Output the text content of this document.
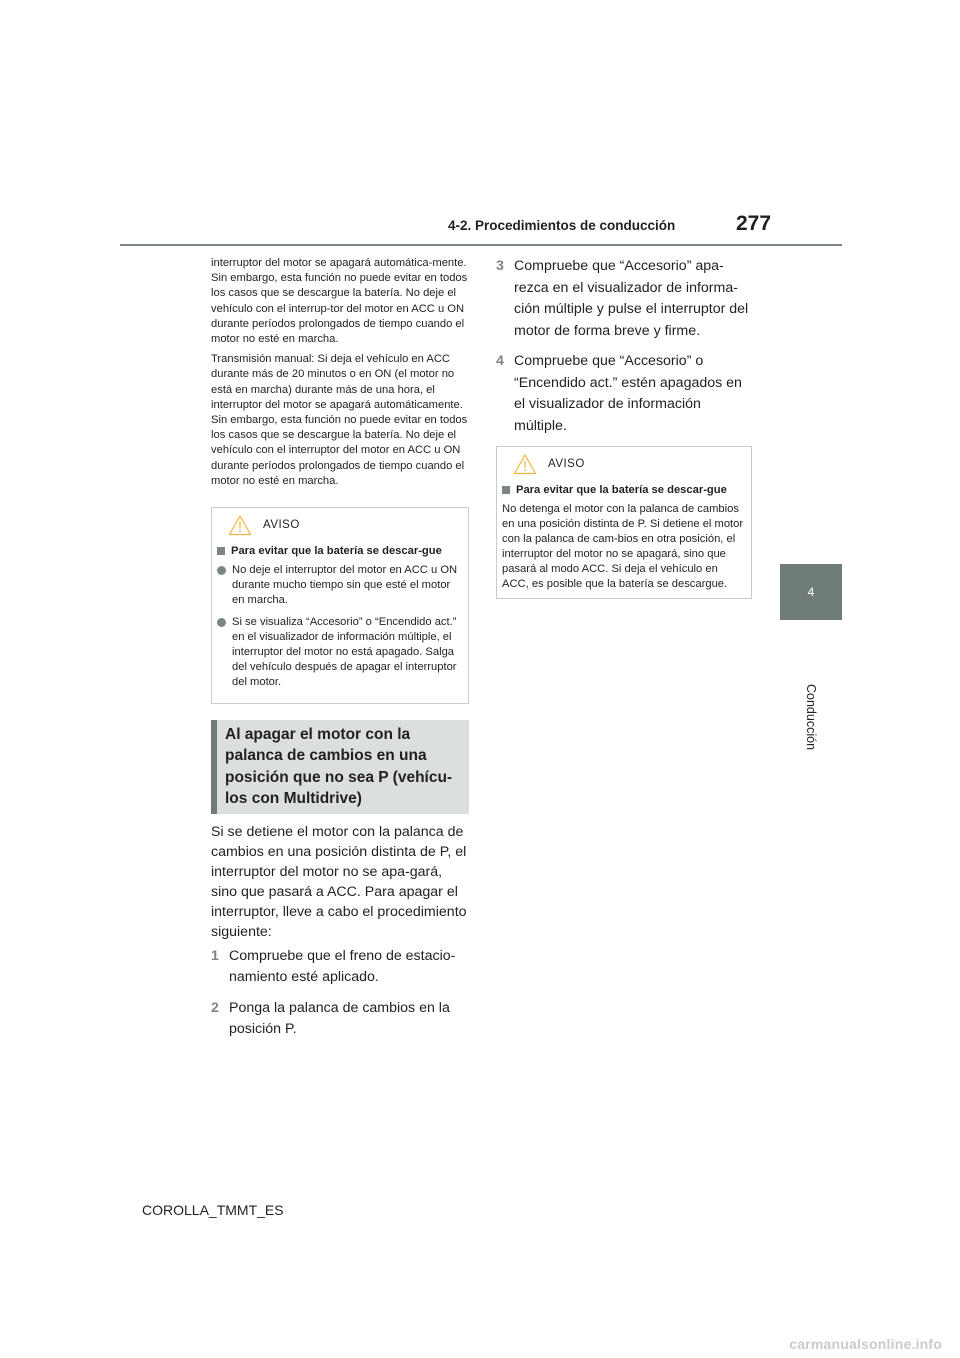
4-2. Procedimientos de conducción	277
4
Conducción

interruptor del motor se apagará automática-mente. Sin embargo, esta función no puede evitar en todos los casos que se descargue la batería. No deje el vehículo con el interrup-tor del motor en ACC u ON durante períodos prolongados de tiempo cuando el motor no esté en marcha.

Transmisión manual: Si deja el vehículo en ACC durante más de 20 minutos o en ON (el motor no está en marcha) durante más de una hora, el interruptor del motor se apagará automáticamente. Sin embargo, esta función no puede evitar en todos los casos que se descargue la batería. No deje el vehículo con el interruptor del motor en ACC u ON durante períodos prolongados de tiempo cuando el motor no esté en marcha.

AVISO
Para evitar que la batería se descar-gue
No deje el interruptor del motor en ACC u ON durante mucho tiempo sin que esté el motor en marcha.
Si se visualiza “Accesorio” o “Encendido act.” en el visualizador de información múltiple, el interruptor del motor no está apagado. Salga del vehículo después de apagar el interruptor del motor.
Al apagar el motor con la palanca de cambios en una posición que no sea P (vehícu-los con Multidrive)

Si se detiene el motor con la palanca de cambios en una posición distinta de P, el interruptor del motor no se apa-gará, sino que pasará a ACC. Para apagar el interruptor, lleve a cabo el procedimiento siguiente:

1 Compruebe que el freno de estacio-namiento esté aplicado.
2 Ponga la palanca de cambios en la posición P.
3 Compruebe que “Accesorio” apa-rezca en el visualizador de informa-ción múltiple y pulse el interruptor del motor de forma breve y firme.
4 Compruebe que “Accesorio” o “Encendido act.” estén apagados en el visualizador de información múltiple.
AVISO
Para evitar que la batería se descar-gue
No detenga el motor con la palanca de cambios en una posición distinta de P. Si detiene el motor con la palanca de cam-bios en otra posición, el interruptor del motor no se apagará, sino que pasará al modo ACC. Si deja el vehículo en ACC, es posible que la batería se descargue.
COROLLA_TMMT_ES
carmanualsonline.info
